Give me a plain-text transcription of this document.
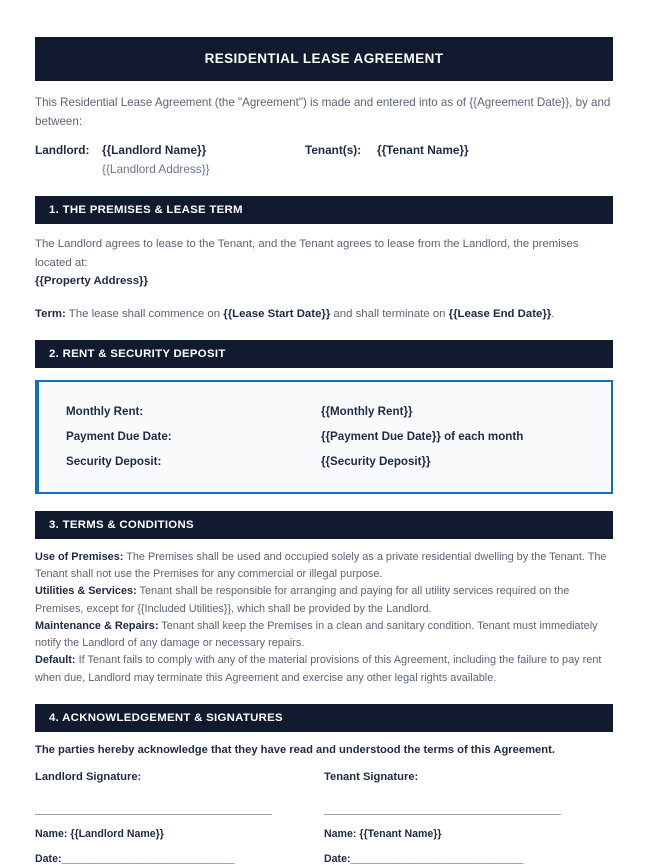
RESIDENTIAL LEASE AGREEMENT

This Residential Lease Agreement (the "Agreement") is made and entered into as of {{Agreement Date}}, by and between:

Landlord:	{{Landlord Name}}
{{Landlord Address}}
Tenant(s):	{{Tenant Name}}
1. THE PREMISES & LEASE TERM

The Landlord agrees to lease to the Tenant, and the Tenant agrees to lease from the Landlord, the premises located at:

{{Property Address}}

Term: The lease shall commence on {{Lease Start Date}} and shall terminate on {{Lease End Date}}.

2. RENT & SECURITY DEPOSIT
Monthly Rent:	{{Monthly Rent}}
Payment Due Date:	{{Payment Due Date}} of each month
Security Deposit:	{{Security Deposit}}
3. TERMS & CONDITIONS

Use of Premises: The Premises shall be used and occupied solely as a private residential dwelling by the Tenant. The Tenant shall not use the Premises for any commercial or illegal purpose.

Utilities & Services: Tenant shall be responsible for arranging and paying for all utility services required on the Premises, except for {{Included Utilities}}, which shall be provided by the Landlord.

Maintenance & Repairs: Tenant shall keep the Premises in a clean and sanitary condition. Tenant must immediately notify the Landlord of any damage or necessary repairs.

Default: If Tenant fails to comply with any of the material provisions of this Agreement, including the failure to pay rent when due, Landlord may terminate this Agreement and exercise any other legal rights available.

4. ACKNOWLEDGEMENT & SIGNATURES
The parties hereby acknowledge that they have read and understood the terms of this Agreement.
Landlord Signature:
Name: {{Landlord Name}}
Date:________________________________
Tenant Signature:
Name: {{Tenant Name}}
Date:________________________________
